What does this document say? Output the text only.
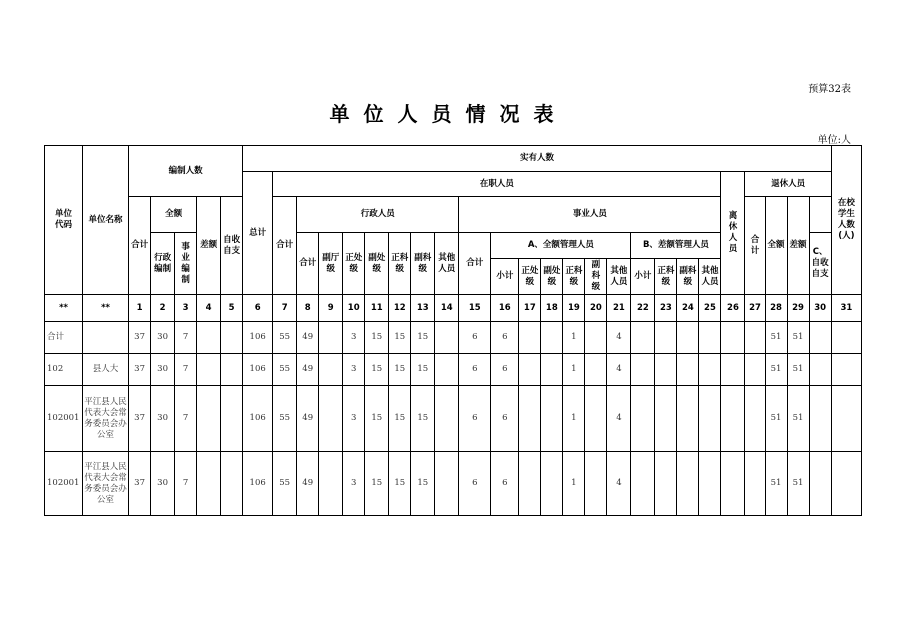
预算32表
单位人员情况表
单位:人
单位代码	单位名称	编制人数					实有人数																									在校学生人数(人)
							总计	在职人员																			离休人员	退休人员				
		合计	全额		差额	自收自支		合计	行政人员							事业人员												合计	全额	差额		
			行政编制	事业编制					合计	副厅级	正处级	副处级	正科级	副科级	其他人员	合计	A、全额管理人员						B、差额管理人员								C、自收自支	
																	小计	正处级	副处级	正科级	副科级	其他人员	小计	正科级	副科级	其他人员						
**	**	1	2	3	4	5	6	7	8	9	10	11	12	13	14	15	16	17	18	19	20	21	22	23	24	25	26	27	28	29	30	31
合计		37	30	7			106	55	49		3	15	15	15		6	6			1		4							51	51		
102	县人大	37	30	7			106	55	49		3	15	15	15		6	6			1		4							51	51		
102001	平江县人民代表大会常务委员会办公室	37	30	7			106	55	49		3	15	15	15		6	6			1		4							51	51		
102001	平江县人民代表大会常务委员会办公室	37	30	7			106	55	49		3	15	15	15		6	6			1		4							51	51		
